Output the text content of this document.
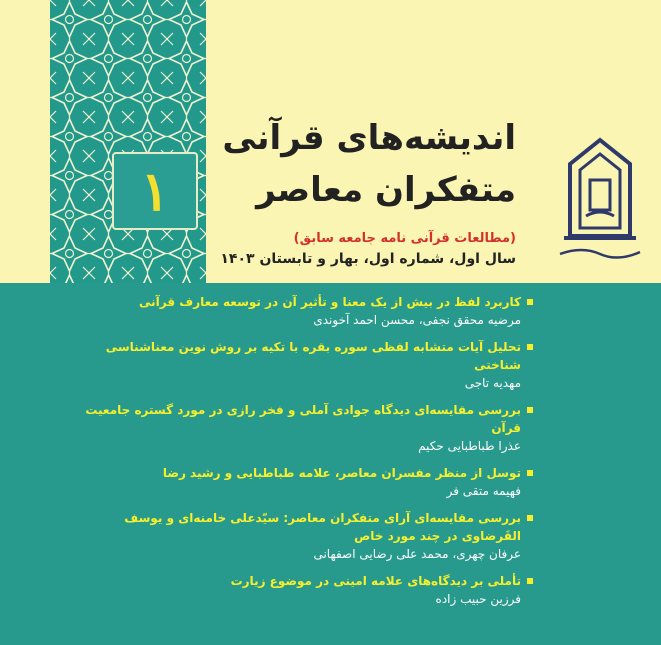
۱
اندیشه‌های قرآنی
متفکران معاصر
(مطالعات قرآنی نامه جامعه سابق)
سال اول، شماره اول، بهار و تابستان ۱۴۰۳
کاربرد لفظ در بیش از یک معنا و تأثیر آن در توسعه معارف قرآنی
مرضیه محقق نجفی، محسن احمد آخوندی
تحلیل آیات متشابه لفظی سوره بقره با تکیه بر روش نوین معناشناسی شناختی
مهدیه تاجی
بررسی مقایسه‌ای دیدگاه جوادی آملی و فخر رازی در مورد گستره جامعیت قرآن
عذرا طباطبایی حکیم
توسل از منظر مفسران معاصر، علامه طباطبایی و رشید رضا
فهیمه متقی فر
بررسی مقایسه‌ای آرای متفکران معاصر: سیّدعلی خامنه‌ای و یوسف القَرضاوی در چند مورد خاص
عرفان چهری، محمد علی رضایی اصفهانی
تأملی بر دیدگاه‌های علامه امینی در موضوع زیارت
فرزین حبیب زاده
